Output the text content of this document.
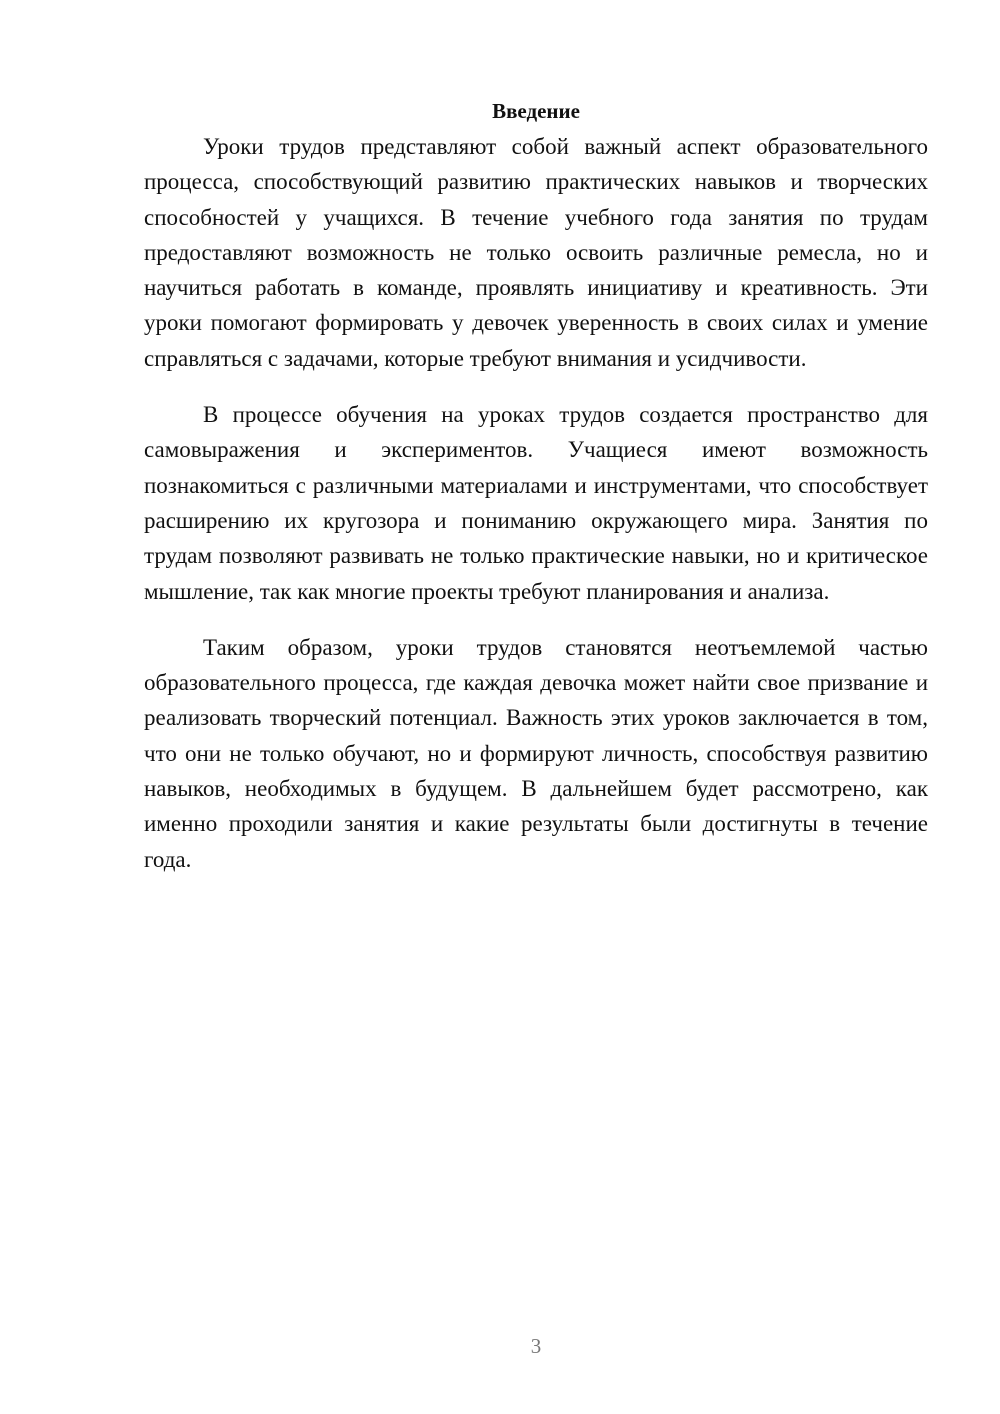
Введение

Уроки трудов представляют собой важный аспект образовательного процесса, способствующий развитию практических навыков и творческих способностей у учащихся. В течение учебного года занятия по трудам предоставляют возможность не только освоить различные ремесла, но и научиться работать в команде, проявлять инициативу и креативность. Эти уроки помогают формировать у девочек уверенность в своих силах и умение справляться с задачами, которые требуют внимания и усидчивости.

В процессе обучения на уроках трудов создается пространство для самовыражения и экспериментов. Учащиеся имеют возможность познакомиться с различными материалами и инструментами, что способствует расширению их кругозора и пониманию окружающего мира. Занятия по трудам позволяют развивать не только практические навыки, но и критическое мышление, так как многие проекты требуют планирования и анализа.

Таким образом, уроки трудов становятся неотъемлемой частью образовательного процесса, где каждая девочка может найти свое призвание и реализовать творческий потенциал. Важность этих уроков заключается в том, что они не только обучают, но и формируют личность, способствуя развитию навыков, необходимых в будущем. В дальнейшем будет рассмотрено, как именно проходили занятия и какие результаты были достигнуты в течение года.

3
